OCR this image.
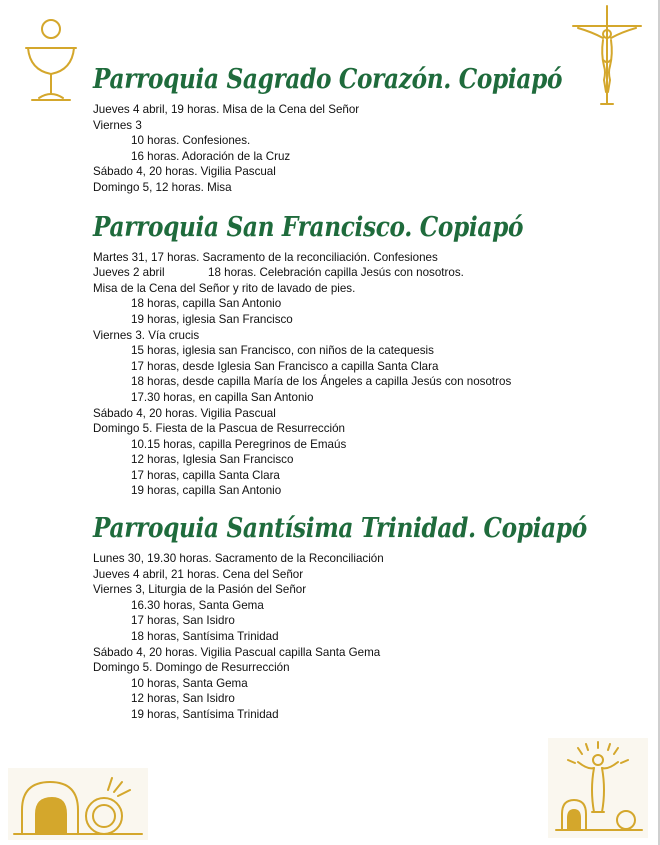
Parroquia Sagrado Corazón. Copiapó
Jueves 4 abril, 19 horas. Misa de la Cena del Señor
Viernes 3
10 horas. Confesiones.
16 horas. Adoración de la Cruz
Sábado 4, 20 horas. Vigilia Pascual
Domingo 5, 12 horas. Misa
Parroquia San Francisco. Copiapó
Martes 31, 17 horas. Sacramento de la reconciliación. Confesiones
Jueves 2 abril	18 horas. Celebración capilla Jesús con nosotros.
Misa de la Cena del Señor y rito de lavado de pies.
18 horas, capilla San Antonio
19 horas, iglesia San Francisco
Viernes 3. Vía crucis
15 horas, iglesia san Francisco, con niños de la catequesis
17 horas, desde Iglesia San Francisco a capilla Santa Clara
18 horas, desde capilla María de los Ángeles a capilla Jesús con nosotros
17.30 horas, en capilla San Antonio
Sábado 4, 20 horas. Vigilia Pascual
Domingo 5. Fiesta de la Pascua de Resurrección
10.15 horas, capilla Peregrinos de Emaús
12 horas, Iglesia San Francisco
17 horas, capilla Santa Clara
19 horas, capilla San Antonio
Parroquia Santísima Trinidad. Copiapó
Lunes 30, 19.30 horas. Sacramento de la Reconciliación
Jueves 4 abril, 21 horas. Cena del Señor
Viernes 3, Liturgia de la Pasión del Señor
16.30 horas, Santa Gema
17 horas, San Isidro
18 horas, Santísima Trinidad
Sábado 4, 20 horas. Vigilia Pascual capilla Santa Gema
Domingo 5. Domingo de Resurrección
10 horas, Santa Gema
12 horas, San Isidro
19 horas, Santísima Trinidad
